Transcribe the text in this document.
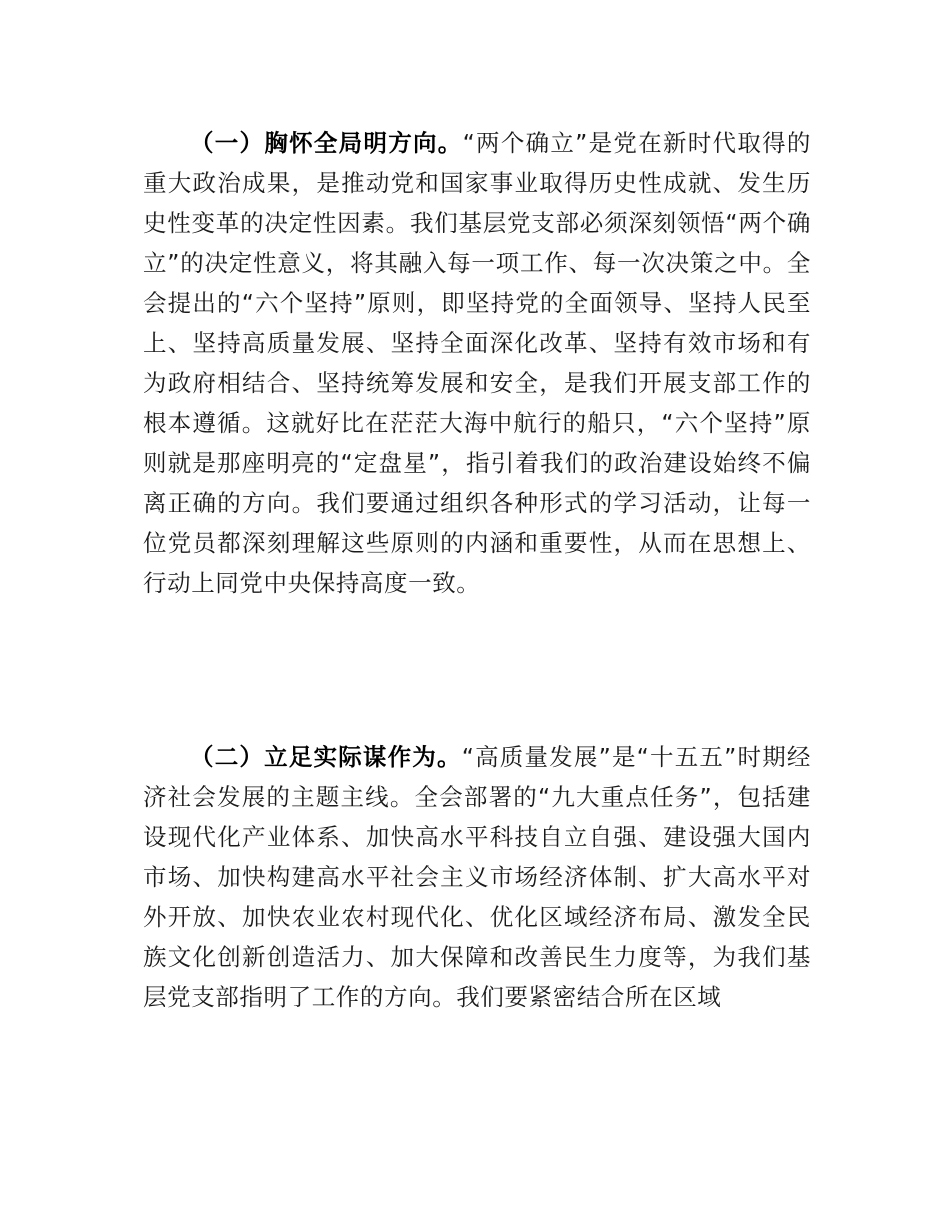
（一）胸怀全局明方向。“两个确立”是党在新时代取得的重大政治成果，是推动党和国家事业取得历史性成就、发生历史性变革的决定性因素。我们基层党支部必须深刻领悟“两个确立”的决定性意义，将其融入每一项工作、每一次决策之中。全会提出的“六个坚持”原则，即坚持党的全面领导、坚持人民至上、坚持高质量发展、坚持全面深化改革、坚持有效市场和有为政府相结合、坚持统筹发展和安全，是我们开展支部工作的根本遵循。这就好比在茫茫大海中航行的船只，“六个坚持”原则就是那座明亮的“定盘星”，指引着我们的政治建设始终不偏离正确的方向。我们要通过组织各种形式的学习活动，让每一位党员都深刻理解这些原则的内涵和重要性，从而在思想上、行动上同党中央保持高度一致。

（二）立足实际谋作为。“高质量发展”是“十五五”时期经济社会发展的主题主线。全会部署的“九大重点任务”，包括建设现代化产业体系、加快高水平科技自立自强、建设强大国内市场、加快构建高水平社会主义市场经济体制、扩大高水平对外开放、加快农业农村现代化、优化区域经济布局、激发全民族文化创新创造活力、加大保障和改善民生力度等，为我们基层党支部指明了工作的方向。我们要紧密结合所在区域
